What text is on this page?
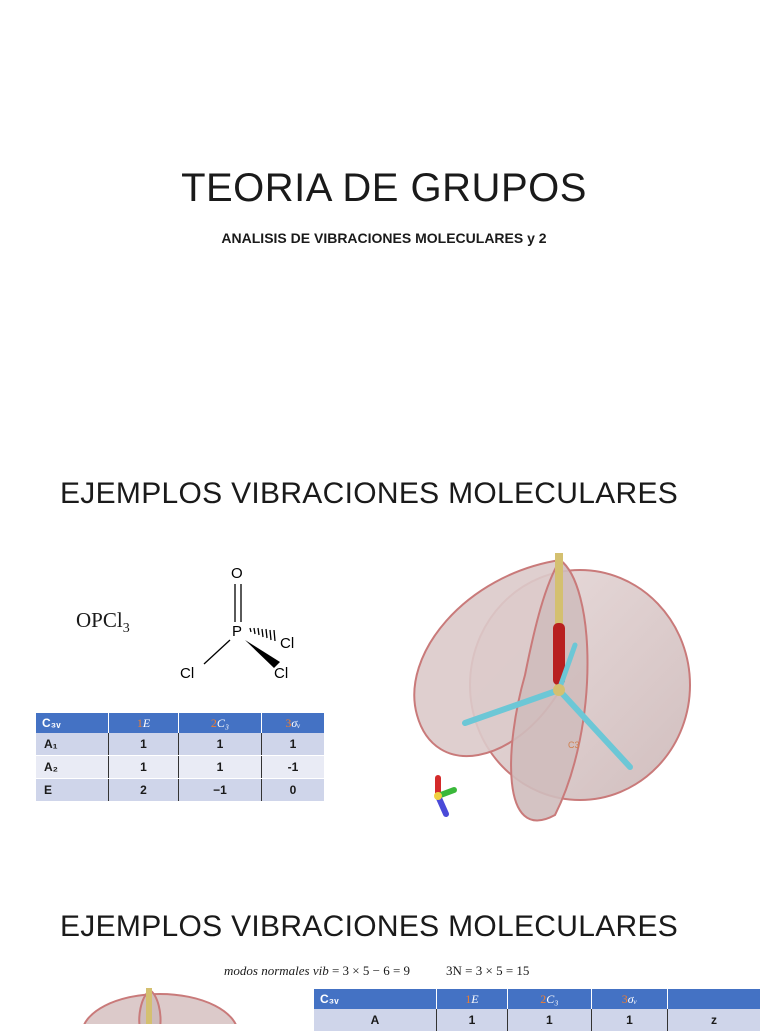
TEORIA DE GRUPOS
ANALISIS DE VIBRACIONES MOLECULARES y 2
EJEMPLOS VIBRACIONES MOLECULARES
OPCl$_3$
O
P
Cl
Cl	Cl
C₃ᵥ	1E	2C₃	3σᵥ
A₁	1	1	1
A₂	1	1	-1
E	2	−1	0
C3
EJEMPLOS VIBRACIONES MOLECULARES
modos normales vib = 3 × 5 − 6 = 9	3N = 3 × 5 = 15
C₃ᵥ	1E	2C₃	3σᵥ	
A	1	1	1	z
